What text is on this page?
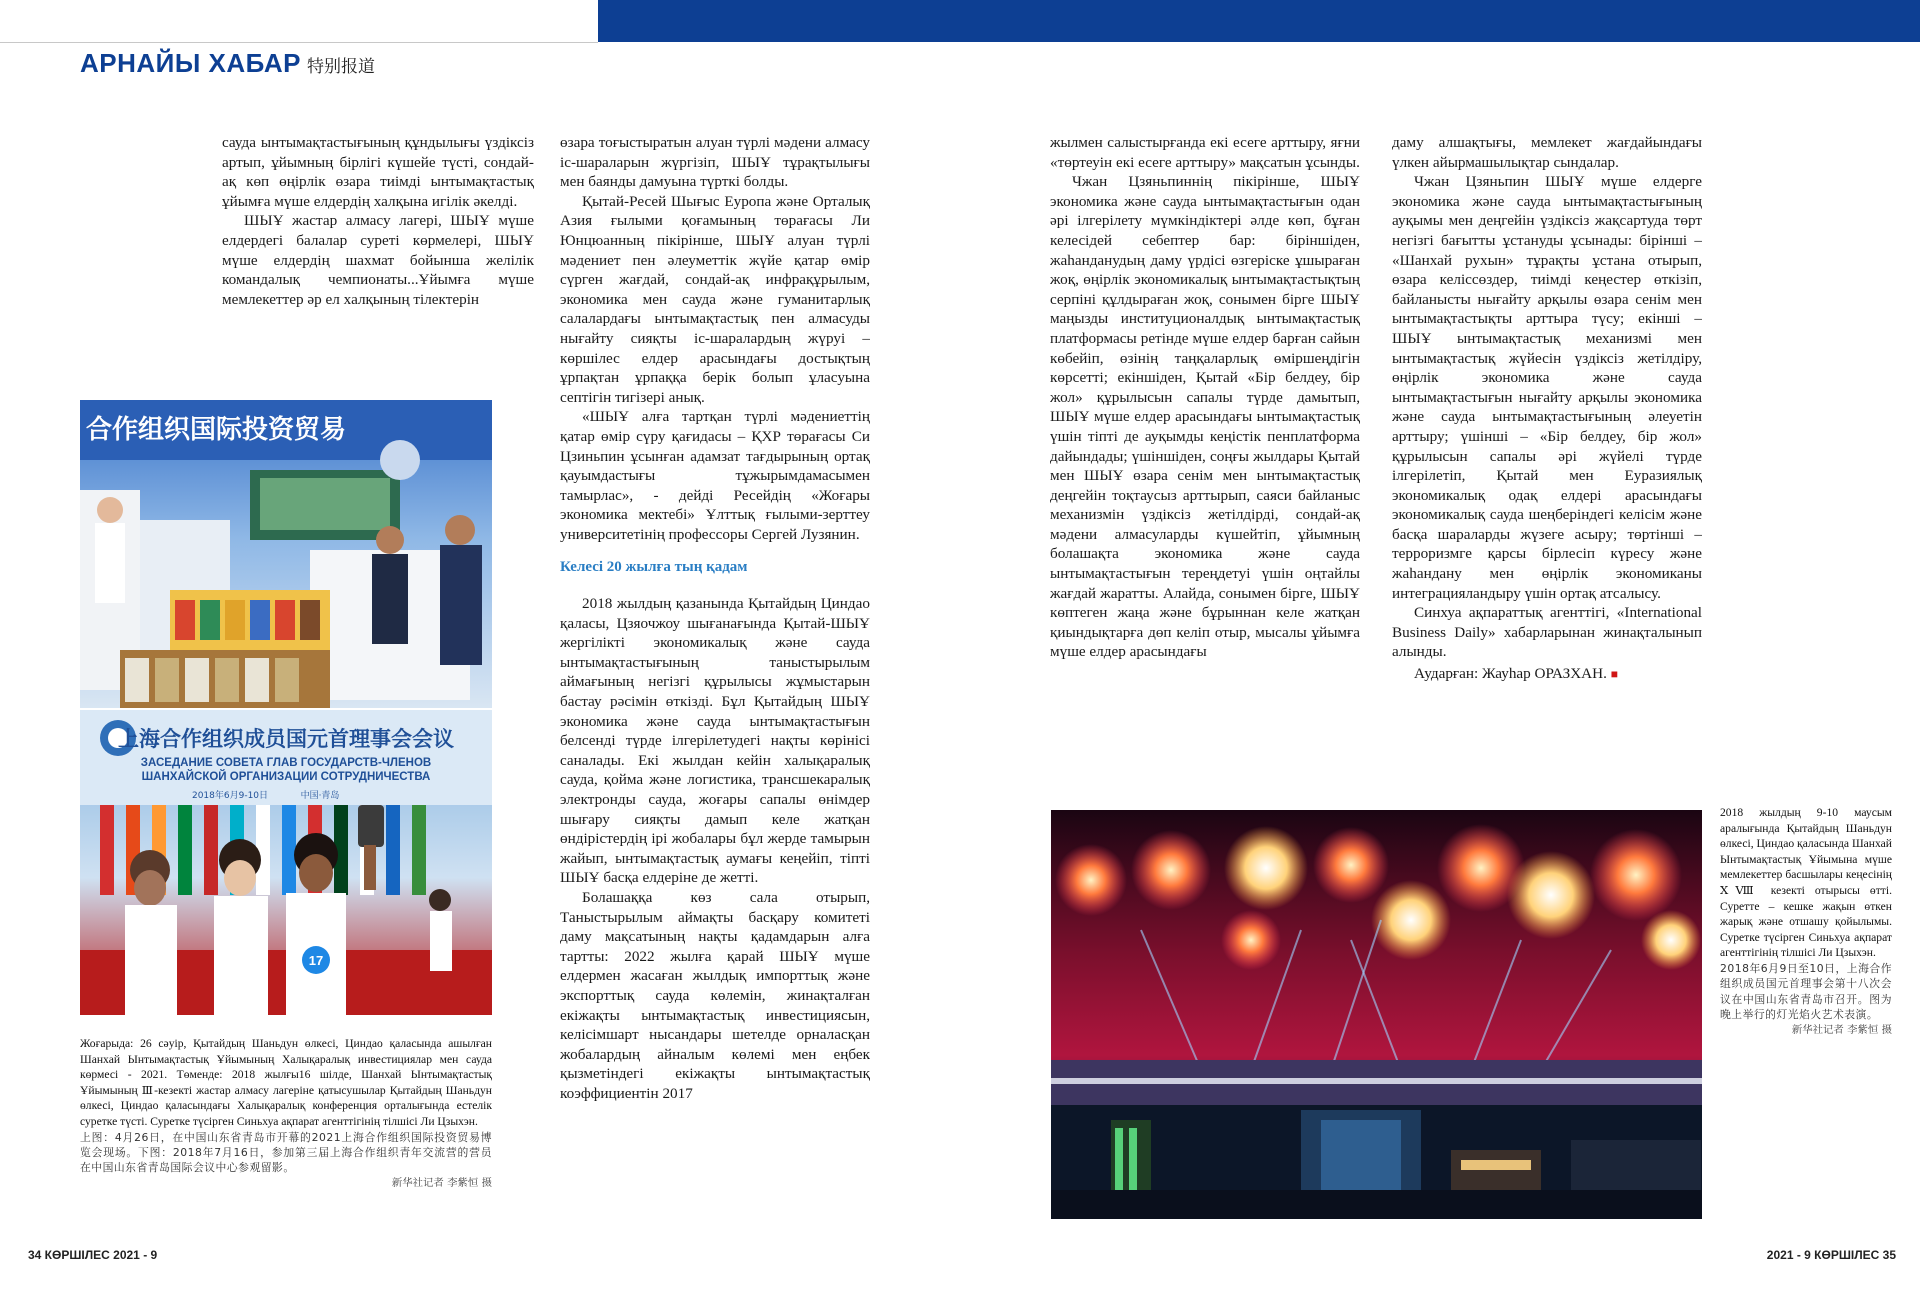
АРНАЙЫ ХАБАР 特别报道

сауда ынтымақтастығының құндылығы үздіксіз артып, ұйымның бірлігі күшейе түсті, сондай-ақ көп өңірлік өзара тиімді ынтымақтастық ұйымға мүше елдердің халқына игілік әкелді.

ШЫҰ жастар алмасу лагері, ШЫҰ мүше елдердегі балалар суреті көрмелері, ШЫҰ мүше елдердің шахмат бойынша желілік командалық чемпионаты...Ұйымға мүше мемлекеттер әр ел халқының тілектерін

өзара тоғыстыратын алуан түрлі мәдени алмасу іс-шараларын жүргізіп, ШЫҰ тұрақтылығы мен баянды дамуына түрткі болды.

Қытай-Ресей Шығыс Еуропа және Орталық Азия ғылыми қоғамының төрағасы Ли Юнцюанның пікірінше, ШЫҰ алуан түрлі мәдениет пен әлеуметтік жүйе қатар өмір сүрген жағдай, сондай-ақ инфрақұрылым, экономика мен сауда және гуманитарлық салалардағы ынтымақтастық пен алмасуды нығайту сияқты іс-шаралардың жүруі – көршілес елдер арасындағы достықтың ұрпақтан ұрпаққа берік болып ұласуына септігін тигізері анық.

«ШЫҰ алға тартқан түрлі мәдениеттің қатар өмір сүру қағидасы – ҚХР төрағасы Си Цзиньпин ұсынған адамзат тағдырының ортақ қауымдастығы тұжырымдамасымен тамырлас», - дейді Ресейдің «Жоғары экономика мектебі» Ұлттық ғылыми-зерттеу университетінің профессоры Сергей Лузянин.

Келесі 20 жылға тың қадам

2018 жылдың қазанында Қытайдың Циндао қаласы, Цзяочжоу шығанағында Қытай-ШЫҰ жергілікті экономикалық және сауда ынтымақтастығының таныстырылым аймағының негізгі құрылысы жұмыстарын бастау рәсімін өткізді. Бұл Қытайдың ШЫҰ экономика және сауда ынтымақтастығын белсенді түрде ілгерілетудегі нақты көрінісі саналады. Екі жылдан кейін халықаралық сауда, қойма және логистика, трансшекаралық электронды сауда, жоғары сапалы өнімдер шығару сияқты дамып келе жатқан өндірістердің ірі жобалары бұл жерде тамырын жайып, ынтымақтастық аумағы кеңейіп, тіпті ШЫҰ басқа елдеріне де жетті.

Болашаққа көз сала отырып, Таныстырылым аймақты басқару комитеті даму мақсатының нақты қадамдарын алға тартты: 2022 жылға қарай ШЫҰ мүше елдермен жасаған жылдық импорттық және экспорттық сауда көлемін, жинақталған екіжақты ынтымақтастық инвестициясын, келісімшарт нысандары шетелде орналасқан жобалардың айналым көлемі мен еңбек қызметіндегі екіжақты ынтымақтастық коэффициентін 2017

жылмен салыстырғанда екі есеге арттыру, яғни «төртеуін екі есеге арттыру» мақсатын ұсынды.

Чжан Цзяньпиннің пікірінше, ШЫҰ экономика және сауда ынтымақтастығын одан әрі ілгерілету мүмкіндіктері әлде көп, бұған келесідей себептер бар: біріншіден, жаһанданудың даму үрдісі өзгеріске ұшыраған жоқ, өңірлік экономикалық ынтымақтастықтың серпіні құлдыраған жоқ, сонымен бірге ШЫҰ маңызды институционалдық ынтымақтастық платформасы ретінде мүше елдер барған сайын көбейіп, өзінің таңқаларлық өміршеңдігін көрсетті; екіншіден, Қытай «Бір белдеу, бір жол» құрылысын сапалы түрде дамытып, ШЫҰ мүше елдер арасындағы ынтымақтастық үшін тіпті де ауқымды кеңістік пенплатформа дайындады; үшіншіден, соңғы жылдары Қытай мен ШЫҰ өзара сенім мен ынтымақтастық деңгейін тоқтаусыз арттырып, саяси байланыс механизмін үздіксіз жетілдірді, сондай-ақ мәдени алмасуларды күшейтіп, ұйымның болашақта экономика және сауда ынтымақтастығын тереңдетуі үшін оңтайлы жағдай жаратты. Алайда, сонымен бірге, ШЫҰ көптеген жаңа және бұрыннан келе жатқан қиындықтарға дөп келіп отыр, мысалы ұйымға мүше елдер арасындағы

даму алшақтығы, мемлекет жағдайындағы үлкен айырмашылықтар сындалар.

Чжан Цзяньпин ШЫҰ мүше елдерге экономика және сауда ынтымақтастығының ауқымы мен деңгейін үздіксіз жақсартуда төрт негізгі бағытты ұстануды ұсынады: бірінші – «Шанхай рухын» тұрақты ұстана отырып, өзара келіссөздер, тиімді кеңестер өткізіп, байланысты нығайту арқылы өзара сенім мен ынтымақтастықты арттыра түсу; екінші – ШЫҰ ынтымақтастық механизмі мен ынтымақтастық жүйесін үздіксіз жетілдіру, өңірлік экономика және сауда ынтымақтастығын нығайту арқылы экономика және сауда ынтымақтастығының әлеуетін арттыру; үшінші – «Бір белдеу, бір жол» құрылысын сапалы әрі жүйелі түрде ілгерілетіп, Қытай мен Еуразиялық экономикалық одақ елдері арасындағы экономикалық сауда шеңберіндегі келісім және басқа шараларды жүзеге асыру; төртінші – терроризмге қарсы бірлесіп күресу және жаһандану мен өңірлік экономиканы интеграцияландыру үшін ортақ атсалысу.

Синхуа ақпараттық агенттігі, «International Business Daily» хабарларынан жинақталынып алынды.

Аударған: Жауһар ОРАЗХАН. ■

合作组织国际投资贸易
上海合作组织成员国元首理事会会议
ЗАСЕДАНИЕ СОВЕТА ГЛАВ ГОСУДАРСТВ-ЧЛЕНОВ
ШАНХАЙСКОЙ ОРГАНИЗАЦИИ СОТРУДНИЧЕСТВА
2018年6月9-10日	中国·青岛
17
Жоғарыда: 26 сәуір, Қытайдың Шаньдун өлкесі, Циндао қаласында ашылған Шанхай Ынтымақтастық Ұйымының Халықаралық инвестициялар мен сауда көрмесі - 2021. Төменде: 2018 жылғы16 шілде, Шанхай Ынтымақтастық Ұйымының Ⅲ-кезекті жастар алмасу лагеріне қатысушылар Қытайдың Шаньдун өлкесі, Циндао қаласындағы Халықаралық конференция орталығында естелік суретке түсті. Суретке түсірген Синьхуа ақпарат агенттігінің тілшісі Ли Цзыхэн.
上图：4月26日，在中国山东省青岛市开幕的2021上海合作组织国际投资贸易博览会现场。下图：2018年7月16日，参加第三届上海合作组织青年交流营的营员在中国山东省青岛国际会议中心参观留影。
新华社记者 李紫恒 摄
2018 жылдың 9-10 маусым аралығында Қытайдың Шаньдун өлкесі, Циндао қаласында Шанхай Ынтымақтастық Ұйымына мүше мемлекеттер басшылары кеңесінің ⅩⅧ кезекті отырысы өтті. Суретте – кешке жақын өткен жарық және отшашу қойылымы. Суретке түсірген Синьхуа ақпарат агенттігінің тілшісі Ли Цзыхэн.
2018年6月9日至10日，上海合作组织成员国元首理事会第十八次会议在中国山东省青岛市召开。图为晚上举行的灯光焰火艺术表演。
新华社记者 李紫恒 摄
34 КӨРШІЛЕС 2021 - 9	2021 - 9 КӨРШІЛЕС 35
